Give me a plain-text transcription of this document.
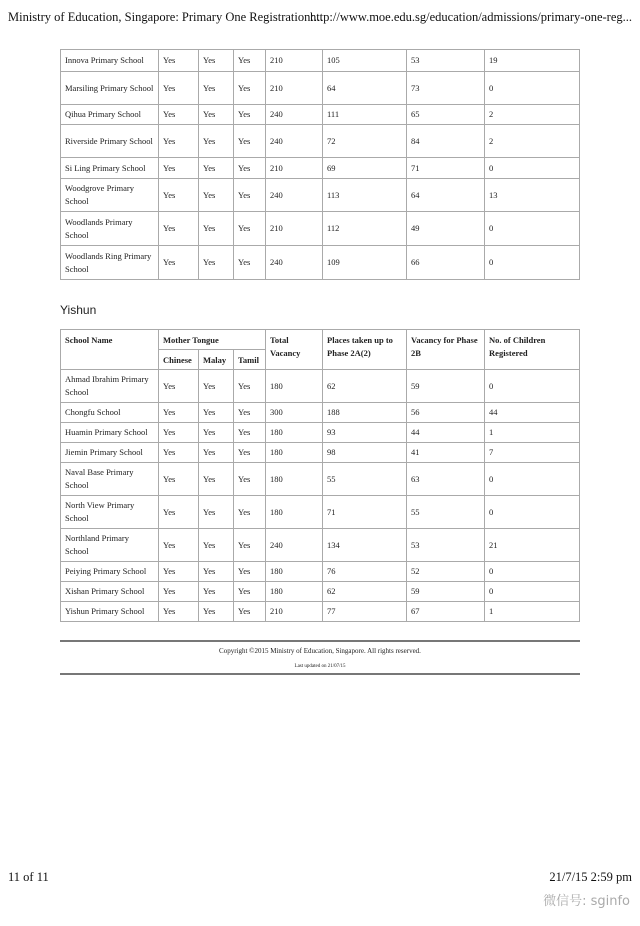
Ministry of Education, Singapore: Primary One Registration:...
http://www.moe.edu.sg/education/admissions/primary-one-reg...
Innova Primary School	Yes	Yes	Yes	210	105	53	19
Marsiling Primary School	Yes	Yes	Yes	210	64	73	0
Qihua Primary School	Yes	Yes	Yes	240	111	65	2
Riverside Primary School	Yes	Yes	Yes	240	72	84	2
Si Ling Primary School	Yes	Yes	Yes	210	69	71	0
Woodgrove Primary School	Yes	Yes	Yes	240	113	64	13
Woodlands Primary School	Yes	Yes	Yes	210	112	49	0
Woodlands Ring Primary School	Yes	Yes	Yes	240	109	66	0
Yishun
School Name	Mother Tongue			Total Vacancy	Places taken up to Phase 2A(2)	Vacancy for Phase 2B	No. of Children Registered
	Chinese	Malay	Tamil				
Ahmad Ibrahim Primary School	Yes	Yes	Yes	180	62	59	0
Chongfu School	Yes	Yes	Yes	300	188	56	44
Huamin Primary School	Yes	Yes	Yes	180	93	44	1
Jiemin Primary School	Yes	Yes	Yes	180	98	41	7
Naval Base Primary School	Yes	Yes	Yes	180	55	63	0
North View Primary School	Yes	Yes	Yes	180	71	55	0
Northland Primary School	Yes	Yes	Yes	240	134	53	21
Peiying Primary School	Yes	Yes	Yes	180	76	52	0
Xishan Primary School	Yes	Yes	Yes	180	62	59	0
Yishun Primary School	Yes	Yes	Yes	210	77	67	1
Copyright ©2015 Ministry of Education, Singapore. All rights reserved.
Last updated on 21/07/15
11 of 11	21/7/15 2:59 pm
微信号: sginfo
